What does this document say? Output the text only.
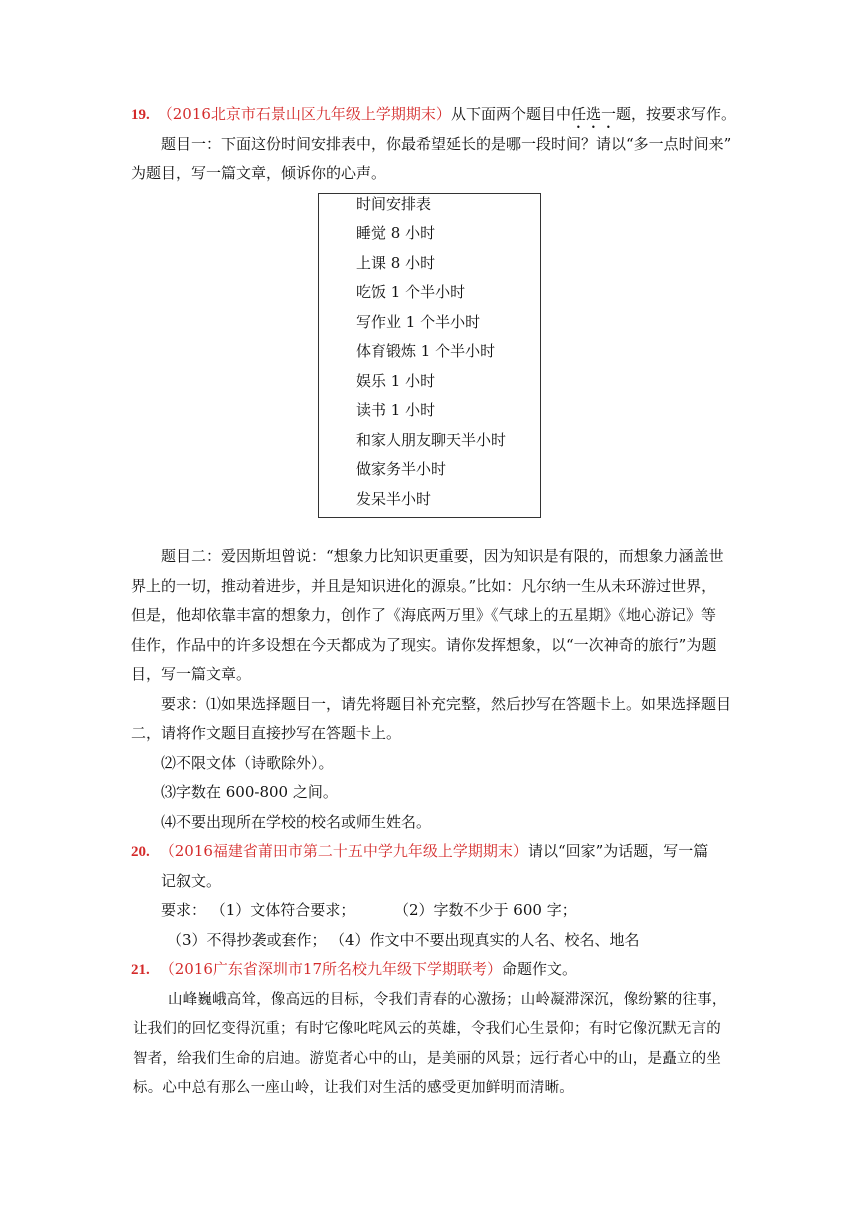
19. （2016北京市石景山区九年级上学期期末）从下面两个题目中任选一题，按要求写作。
题目一：下面这份时间安排表中，你最希望延长的是哪一段时间？请以“多一点时间来”
为题目，写一篇文章，倾诉你的心声。
时间安排表
睡觉 8 小时
上课 8 小时
吃饭 1 个半小时
写作业 1 个半小时
体育锻炼 1 个半小时
娱乐 1 小时
读书 1 小时
和家人朋友聊天半小时
做家务半小时
发呆半小时
题目二：爱因斯坦曾说：“想象力比知识更重要，因为知识是有限的，而想象力涵盖世
界上的一切，推动着进步，并且是知识进化的源泉。”比如：凡尔纳一生从未环游过世界，
但是，他却依靠丰富的想象力，创作了《海底两万里》《气球上的五星期》《地心游记》等
佳作，作品中的许多设想在今天都成为了现实。请你发挥想象，以“一次神奇的旅行”为题
目，写一篇文章。
要求：⑴如果选择题目一，请先将题目补充完整，然后抄写在答题卡上。如果选择题目
二，请将作文题目直接抄写在答题卡上。
⑵不限文体（诗歌除外）。
⑶字数在 600-800 之间。
⑷不要出现所在学校的校名或师生姓名。
20. （2016福建省莆田市第二十五中学九年级上学期期末）请以“回家”为话题，写一篇
记叙文。
要求： （1）文体符合要求；	（2）字数不少于 600 字；
（3）不得抄袭或套作； （4）作文中不要出现真实的人名、校名、地名
21. （2016广东省深圳市17所名校九年级下学期联考）命题作文。
山峰巍峨高耸，像高远的目标，令我们青春的心激扬；山岭凝滞深沉，像纷繁的往事，
让我们的回忆变得沉重；有时它像叱咤风云的英雄，令我们心生景仰；有时它像沉默无言的
智者，给我们生命的启迪。游览者心中的山，是美丽的风景；远行者心中的山，是矗立的坐
标。心中总有那么一座山岭，让我们对生活的感受更加鲜明而清晰。
